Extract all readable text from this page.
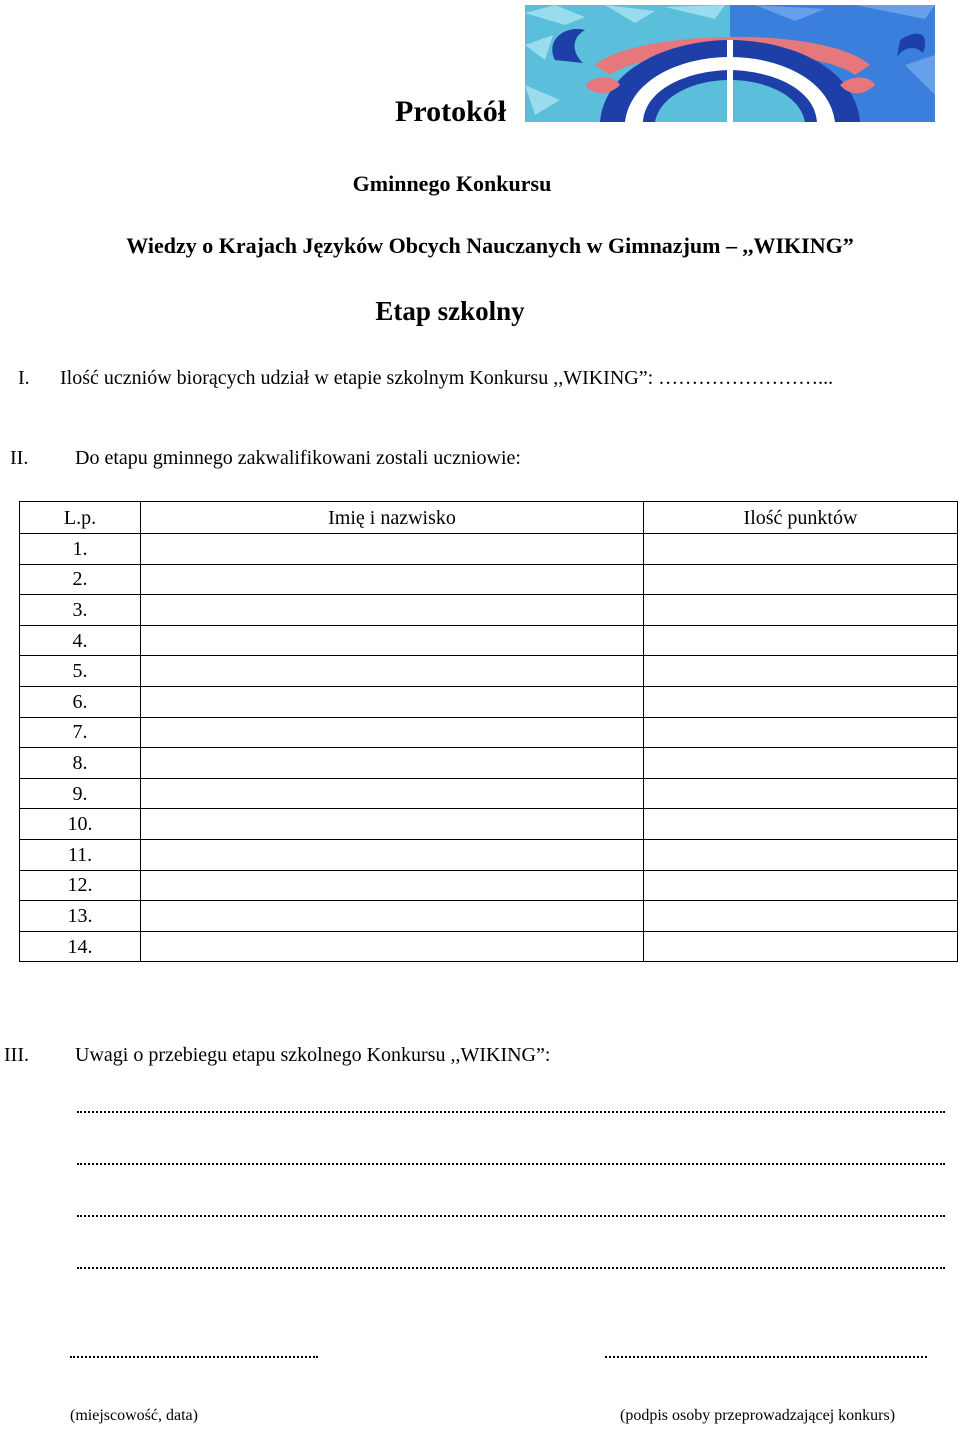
Protokół
Gminnego Konkursu
Wiedzy o Krajach Języków Obcych Nauczanych w Gimnazjum – ,,WIKING”
Etap szkolny
I. Ilość uczniów biorących udział w etapie szkolnym Konkursu ,,WIKING”: ……………………...
II. Do etapu gminnego zakwalifikowani zostali uczniowie:
L.p.	Imię i nazwisko	Ilość punktów
1.		
2.		
3.		
4.		
5.		
6.		
7.		
8.		
9.		
10.		
11.		
12.		
13.		
14.		
III. Uwagi o przebiegu etapu szkolnego Konkursu ,,WIKING”:
(miejscowość, data)	(podpis osoby przeprowadzającej konkurs)
